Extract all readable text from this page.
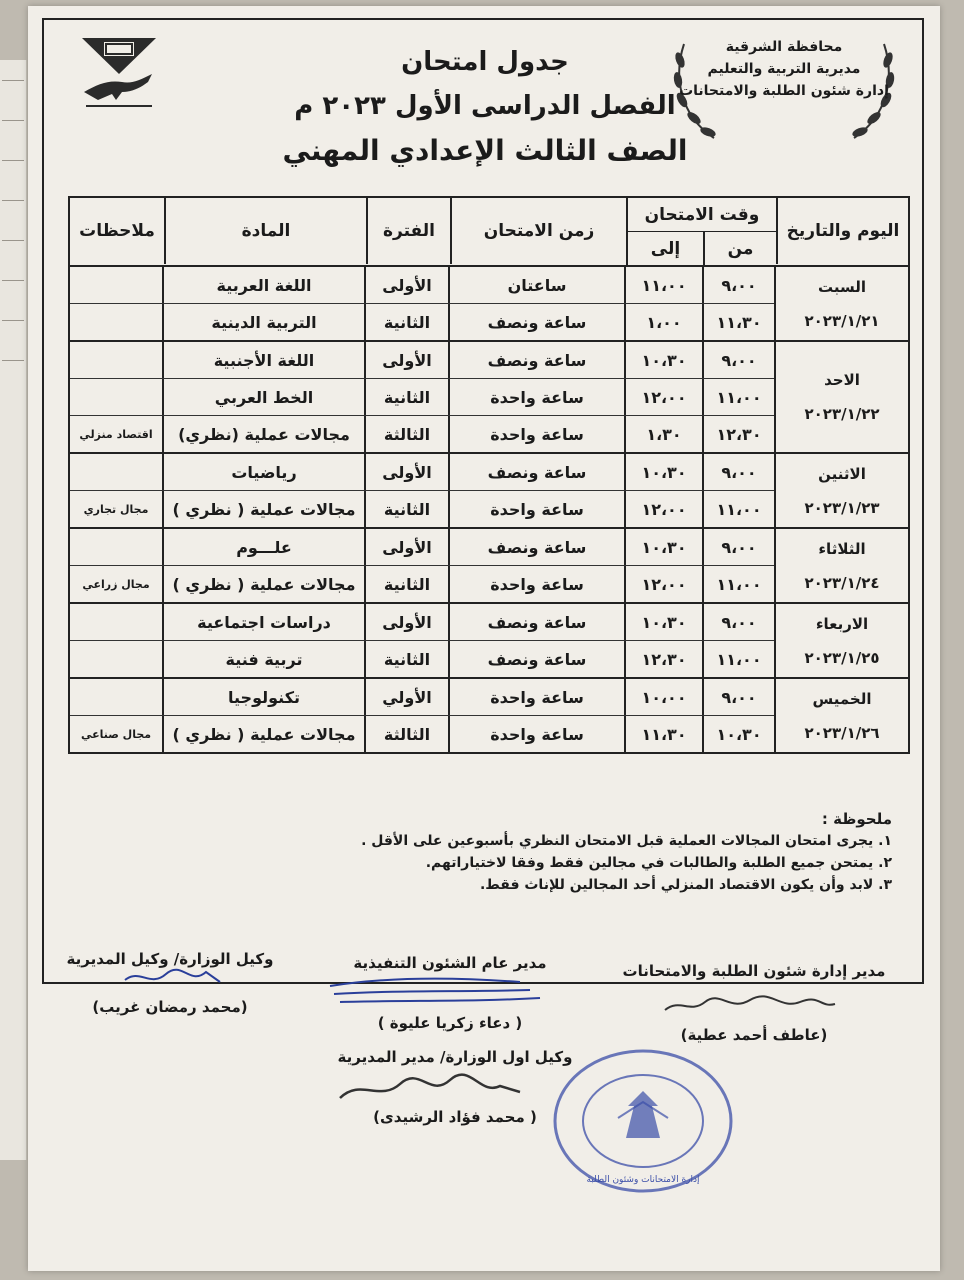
محافظة الشرقية
مديرية التربية والتعليم
إدارة شئون الطلبة والامتحانات
جدول امتحان
الفصل الدراسى الأول ٢٠٢٣ م
الصف الثالث الإعدادي المهني
اليوم والتاريخ
وقت الامتحان
من
إلى
زمن الامتحان
الفترة
المادة
ملاحظات
السبت
٢٠٢٣/١/٢١
٩،٠٠
١١،٠٠
ساعتان
الأولى
اللغة العربية
١١،٣٠
١،٠٠
ساعة ونصف
الثانية
التربية الدينية
الاحد
٢٠٢٣/١/٢٢
٩،٠٠
١٠،٣٠
ساعة ونصف
الأولى
اللغة الأجنبية
١١،٠٠
١٢،٠٠
ساعة واحدة
الثانية
الخط العربي
١٢،٣٠
١،٣٠
ساعة واحدة
الثالثة
مجالات عملية (نظري)
اقتصاد منزلي
الاثنين
٢٠٢٣/١/٢٣
٩،٠٠
١٠،٣٠
ساعة ونصف
الأولى
رياضيات
١١،٠٠
١٢،٠٠
ساعة واحدة
الثانية
مجالات عملية ( نظري )
مجال تجاري
الثلاثاء
٢٠٢٣/١/٢٤
٩،٠٠
١٠،٣٠
ساعة ونصف
الأولى
علـــوم
١١،٠٠
١٢،٠٠
ساعة واحدة
الثانية
مجالات عملية ( نظري )
مجال زراعي
الاربعاء
٢٠٢٣/١/٢٥
٩،٠٠
١٠،٣٠
ساعة ونصف
الأولى
دراسات اجتماعية
١١،٠٠
١٢،٣٠
ساعة ونصف
الثانية
تربية فنية
الخميس
٢٠٢٣/١/٢٦
٩،٠٠
١٠،٠٠
ساعة واحدة
الأولي
تكنولوجيا
١٠،٣٠
١١،٣٠
ساعة واحدة
الثالثة
مجالات عملية ( نظري )
مجال صناعي
ملحوظة :
١. يجرى امتحان المجالات العملية قبل الامتحان النظري بأسبوعين على الأقل .
٢. يمتحن جميع الطلبة والطالبات في مجالين فقط وفقا لاختياراتهم.
٣. لابد وأن يكون الاقتصاد المنزلي أحد المجالين للإناث فقط.
مدير إدارة شئون الطلبة والامتحانات
(عاطف أحمد عطية)
مدير عام الشئون التنفيذية
( دعاء زكريا عليوة )
وكيل الوزارة/ وكيل المديرية
(محمد رمضان غريب)
وكيل اول الوزارة/ مدير المديرية
( محمد فؤاد الرشيدى)
إدارة الامتحانات وشئون الطلبة
